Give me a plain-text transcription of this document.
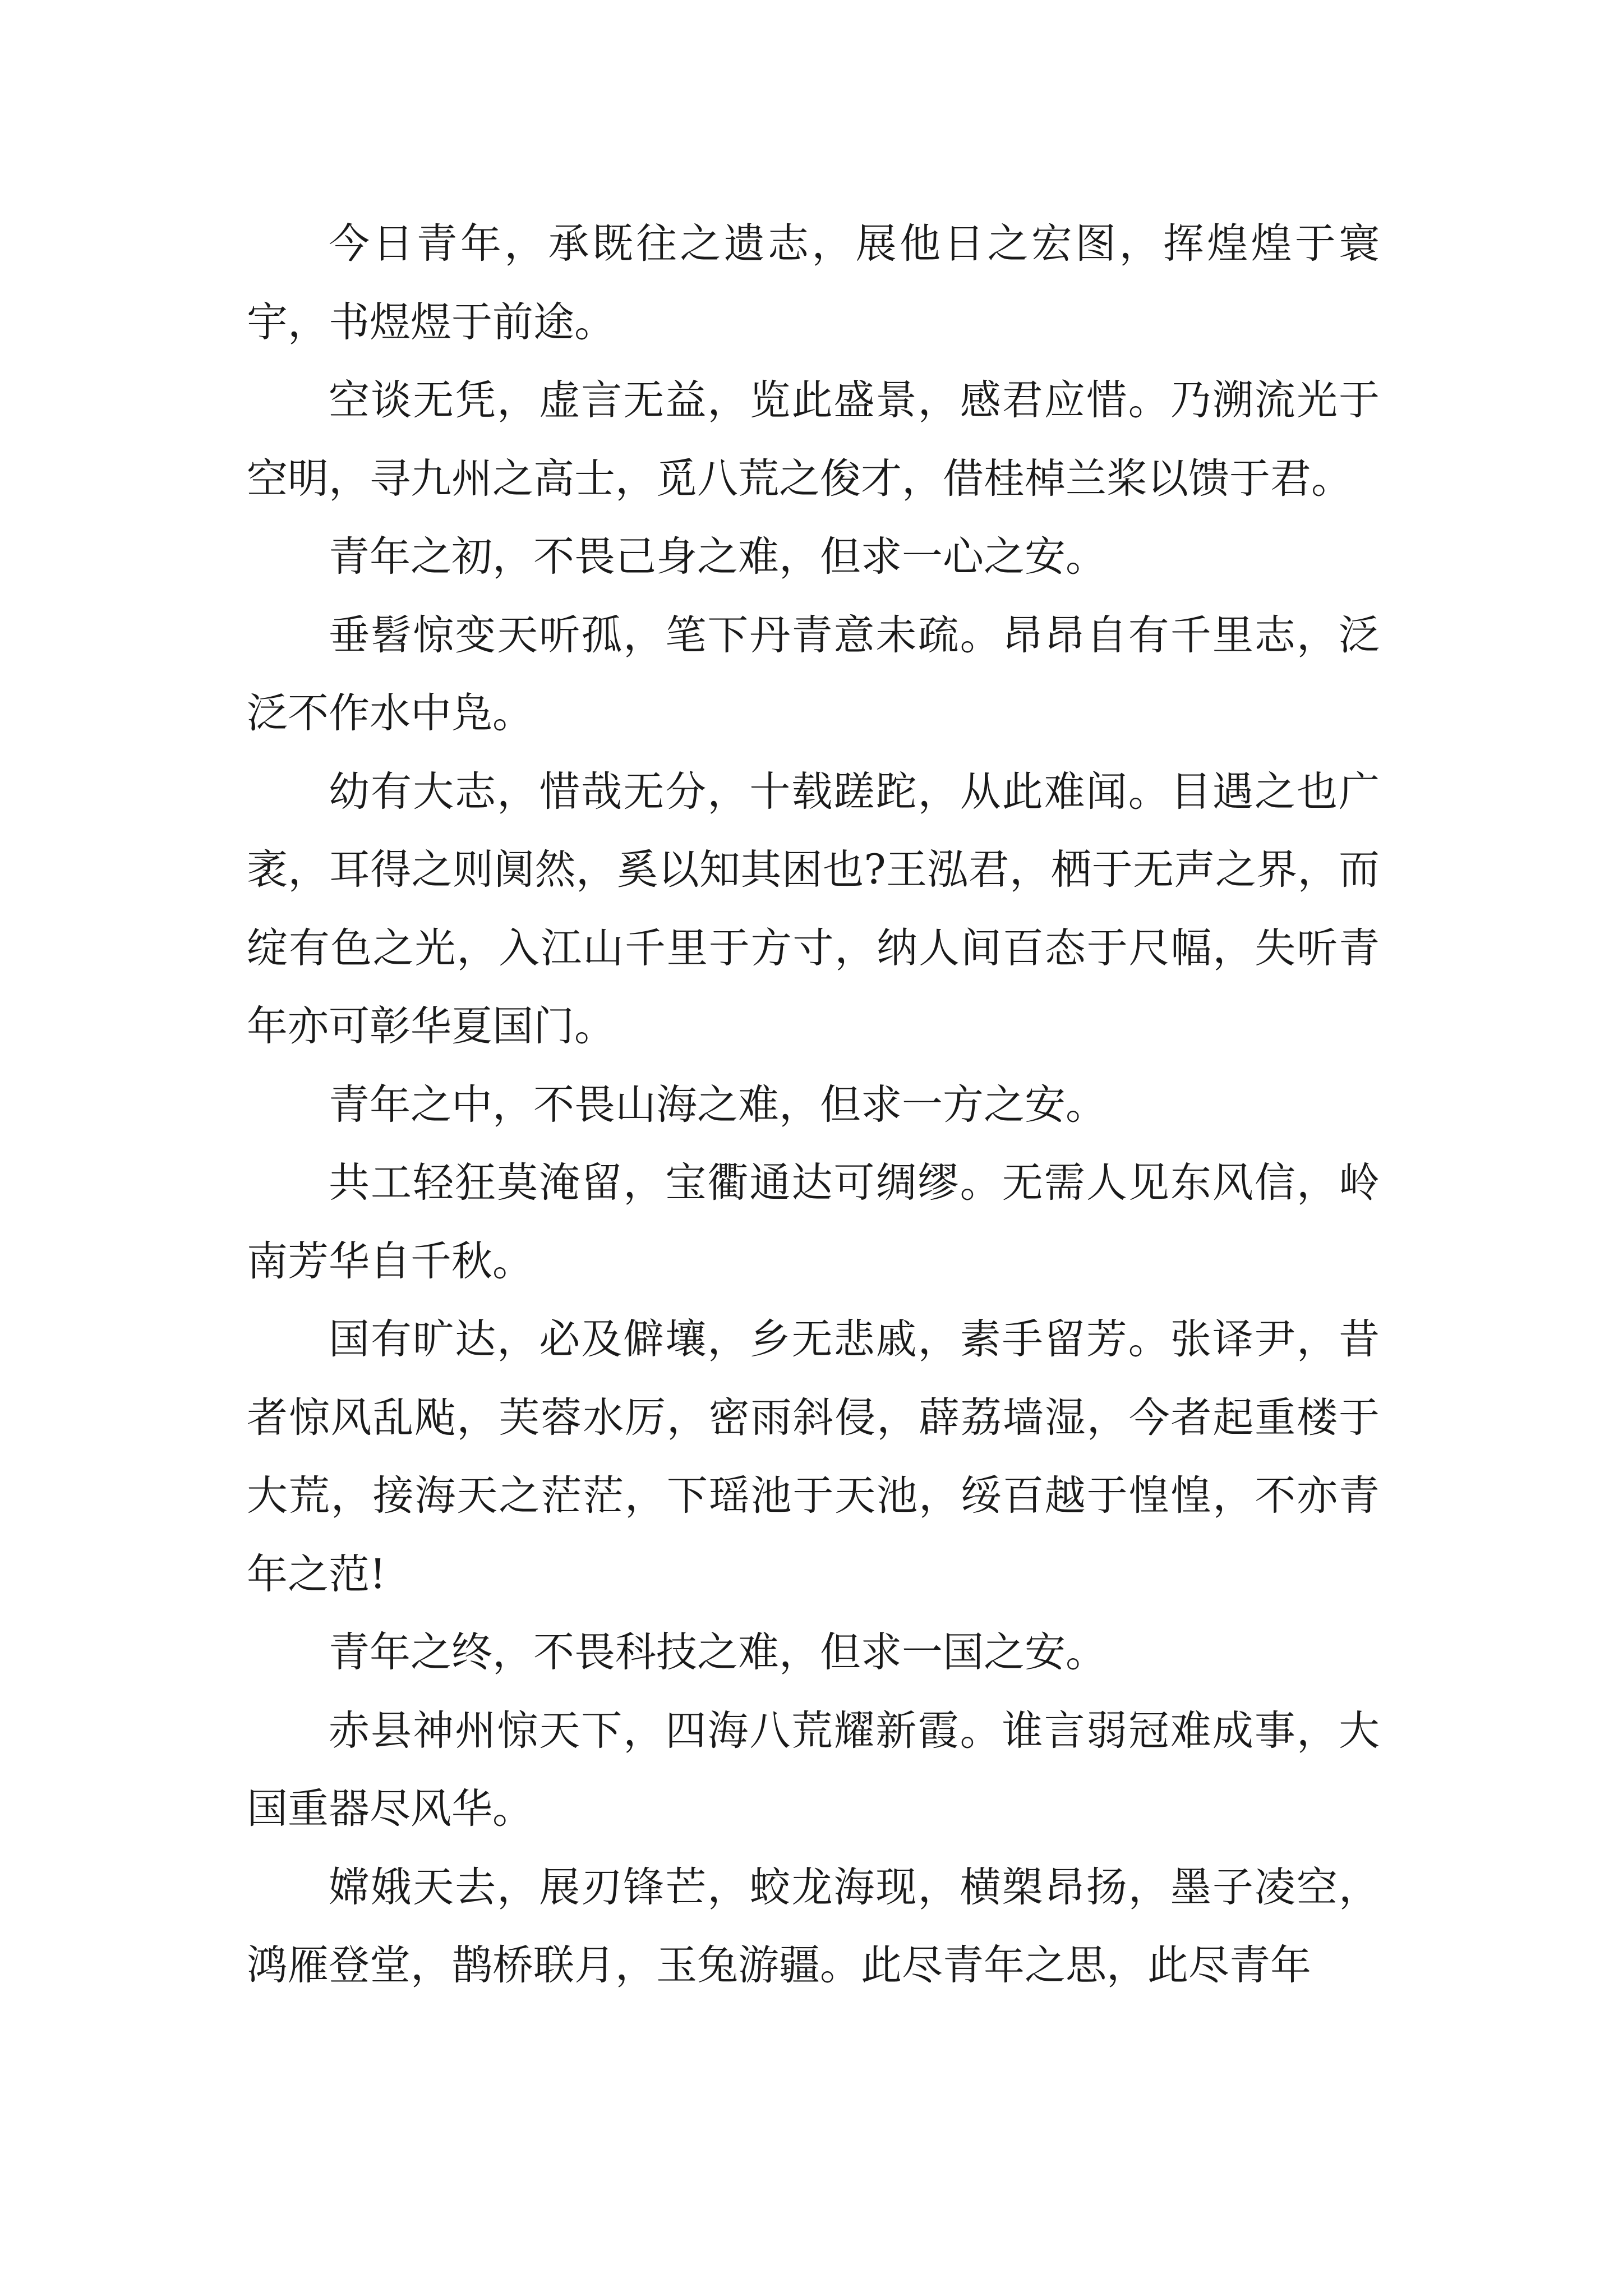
今日青年，承既往之遗志，展他日之宏图，挥煌煌于寰宇，书煜煜于前途。

空谈无凭，虚言无益，览此盛景，感君应惜。乃溯流光于空明，寻九州之高士，觅八荒之俊才，借桂棹兰桨以馈于君。

青年之初，不畏己身之难，但求一心之安。

垂髫惊变天听孤，笔下丹青意未疏。昂昂自有千里志，泛泛不作水中凫。

幼有大志，惜哉无分，十载蹉跎，从此难闻。目遇之也广袤，耳得之则阒然，奚以知其困也?王泓君，栖于无声之界，而绽有色之光，入江山千里于方寸，纳人间百态于尺幅，失听青年亦可彰华夏国门。

青年之中，不畏山海之难，但求一方之安。

共工轻狂莫淹留，宝衢通达可绸缪。无需人见东风信，岭南芳华自千秋。

国有旷达，必及僻壤，乡无悲戚，素手留芳。张译尹，昔者惊风乱飐，芙蓉水厉，密雨斜侵，薜荔墙湿，今者起重楼于大荒，接海天之茫茫，下瑶池于天池，绥百越于惶惶，不亦青年之范!

青年之终，不畏科技之难，但求一国之安。

赤县神州惊天下，四海八荒耀新霞。谁言弱冠难成事，大国重器尽风华。

嫦娥天去，展刃锋芒，蛟龙海现，横槊昂扬，墨子凌空，鸿雁登堂，鹊桥联月，玉兔游疆。此尽青年之思，此尽青年
